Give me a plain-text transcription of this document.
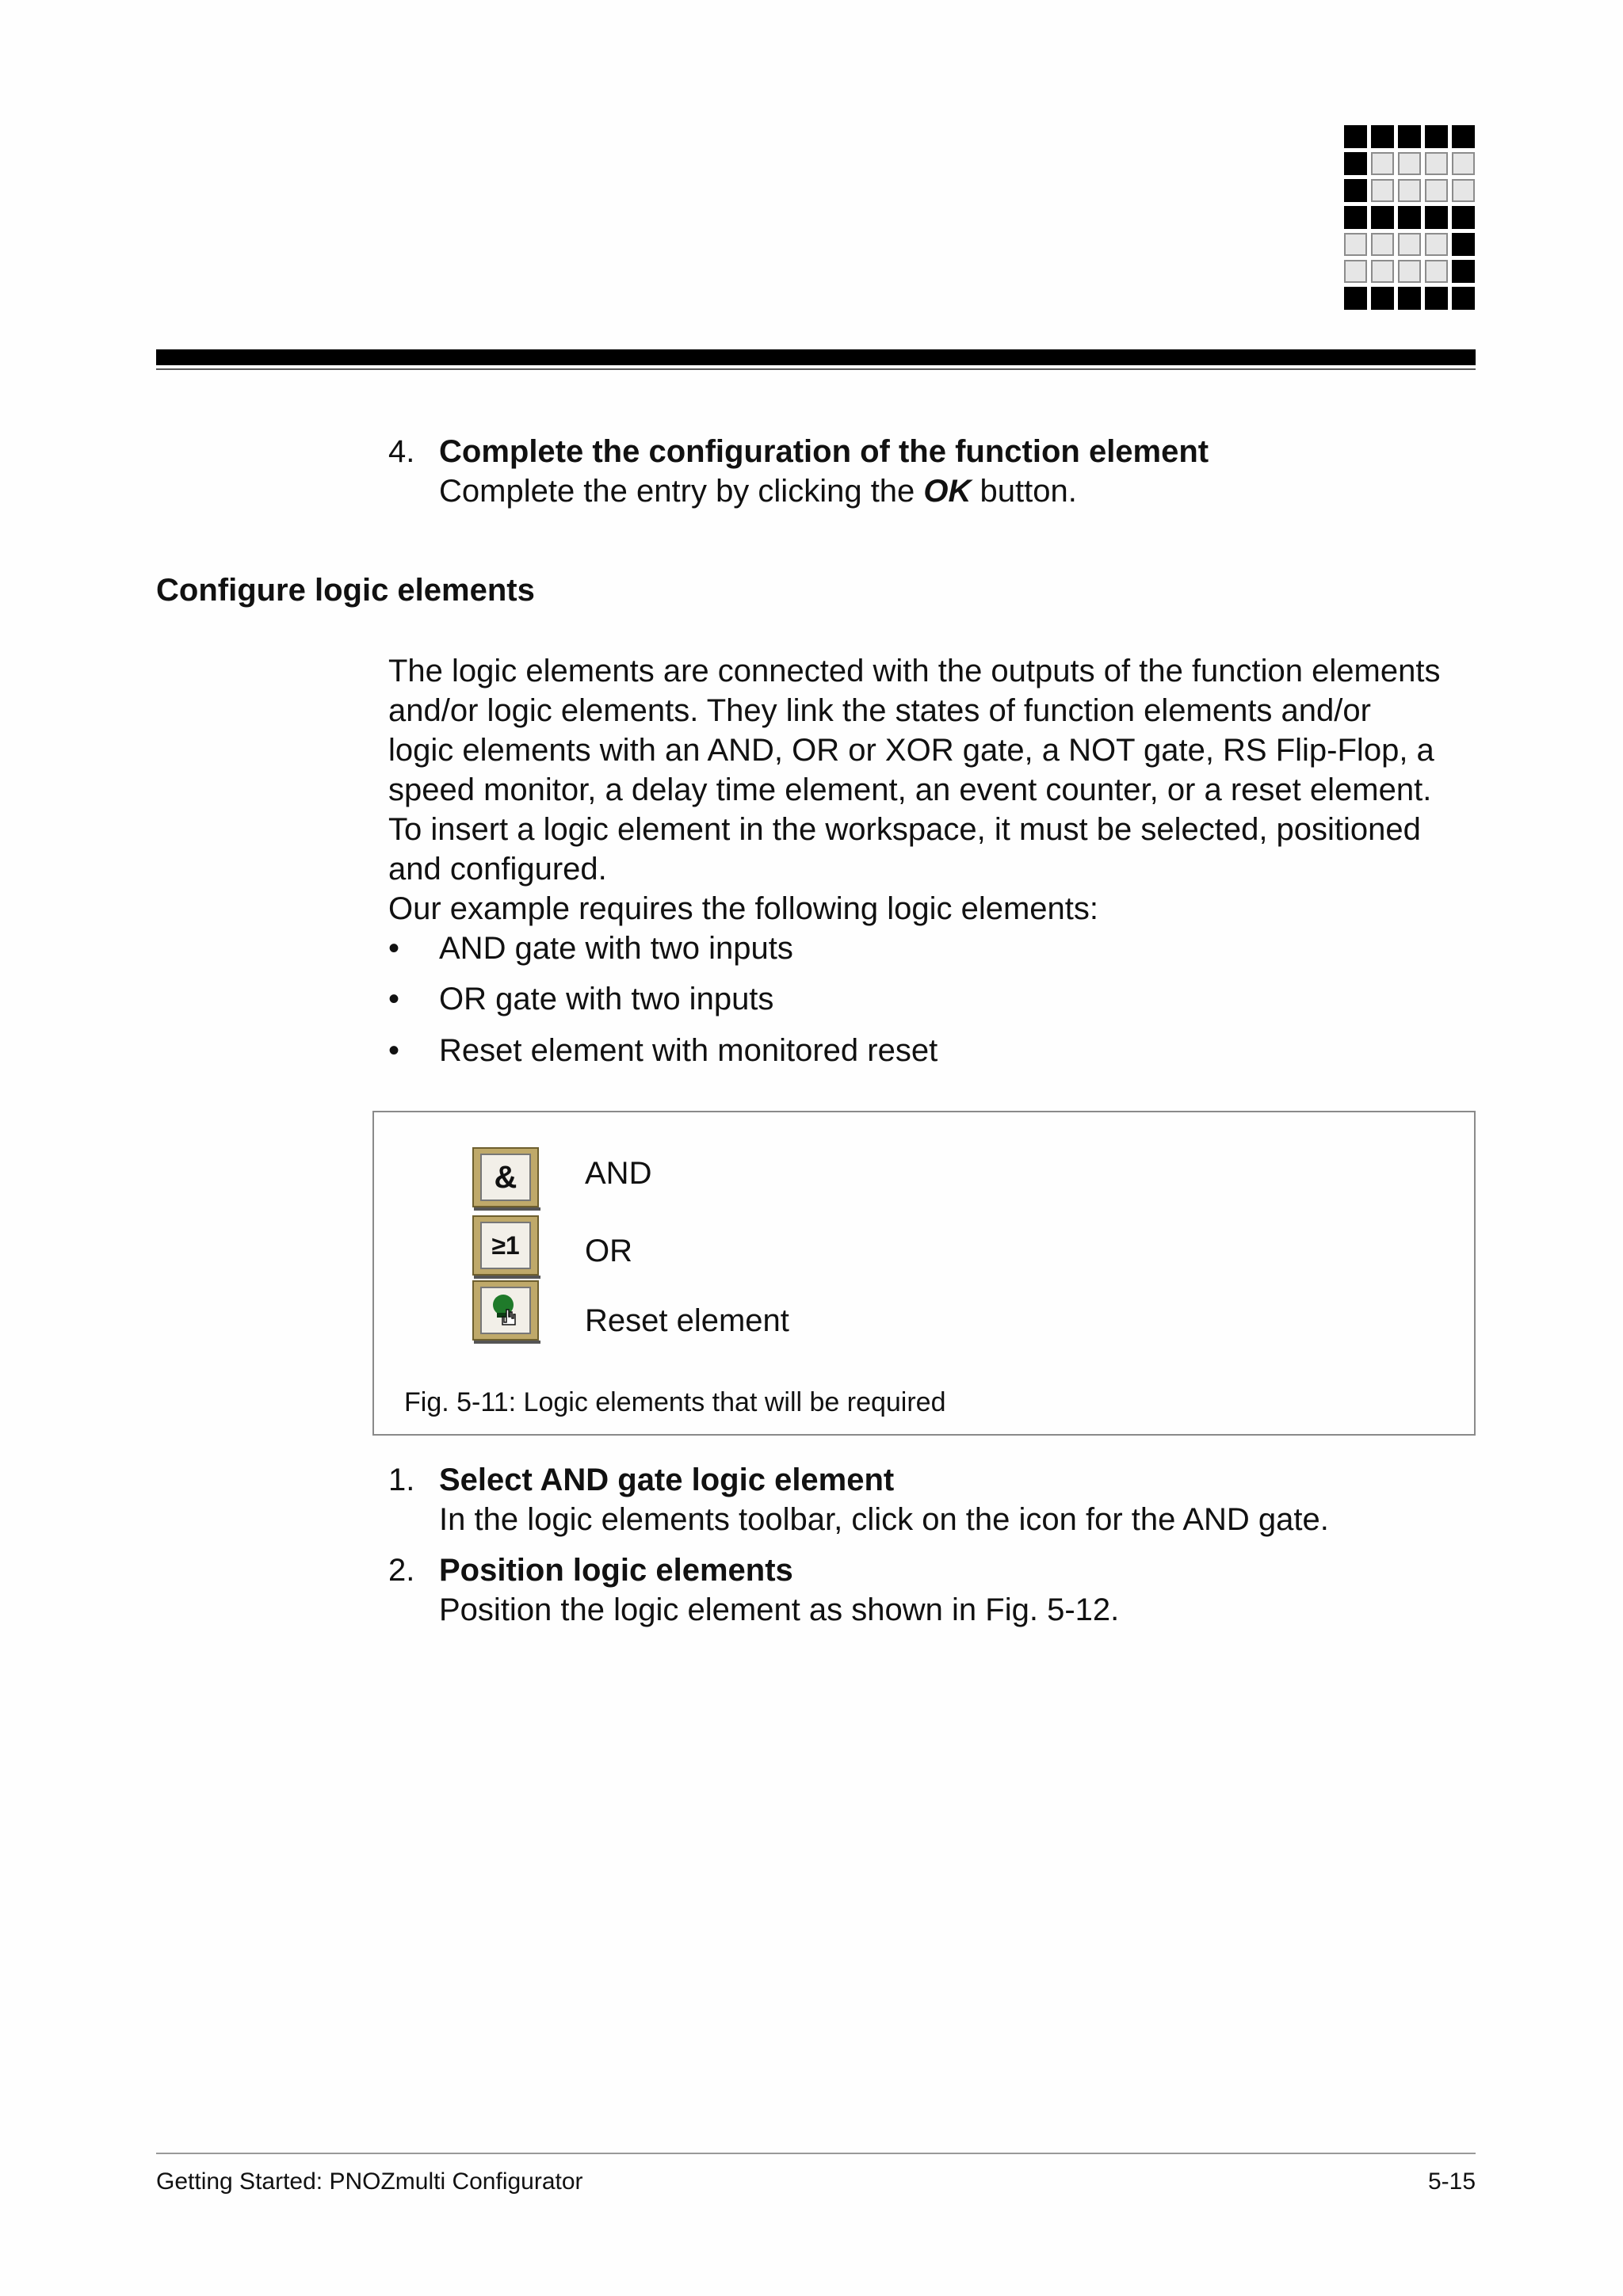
4. Complete the configuration of the function element
Complete the entry by clicking the OK button.
Configure logic elements

The logic elements are connected with the outputs of the function elements

and/or logic elements. They link the states of function elements and/or

logic elements with an AND, OR or XOR gate, a NOT gate, RS Flip-Flop, a

speed monitor, a delay time element, an event counter, or a reset element.

To insert a logic element in the workspace, it must be selected, positioned

and configured.

Our example requires the following logic elements:

• AND gate with two inputs
• OR gate with two inputs
• Reset element with monitored reset
&	AND
≥1	OR
Reset element
Fig. 5-11: Logic elements that will be required
1. Select AND gate logic element
In the logic elements toolbar, click on the icon for the AND gate.
2. Position logic elements
Position the logic element as shown in Fig. 5-12.
Getting Started: PNOZmulti Configurator	5-15
